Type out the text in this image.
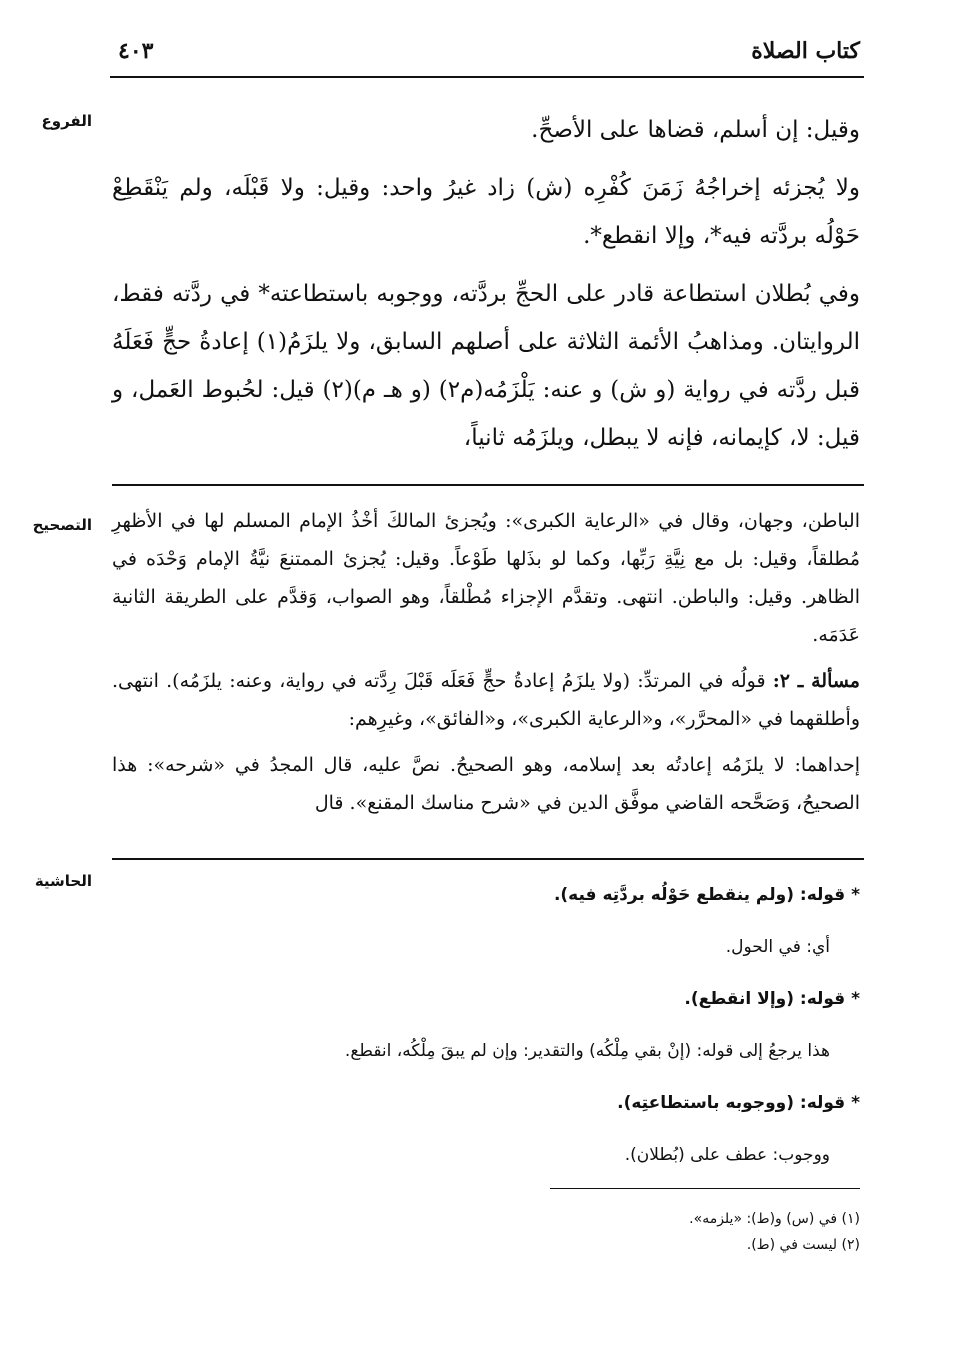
كتاب الصلاة
٤٠٣
الفروع
التصحيح
الحاشية

وقيل: إن أسلم، قضاها على الأصحِّ.

ولا يُجزئه إخراجُهُ زَمَنَ كُفْرِه (ش) زاد غيرُ واحد: وقيل: ولا قَبْلَه، ولم يَنْقَطِعْ حَوْلُه بردَّته فيه*، وإلا انقطع*.

وفي بُطلان استطاعة قادر على الحجِّ بردَّته، ووجوبه باستطاعته* في ردَّته فقط، الروايتان. ومذاهبُ الأئمة الثلاثة على أصلهم السابق، ولا يلزَمُ(١) إعادةُ حجٍّ فَعَلَهُ قبل ردَّته في رواية (و ش) و عنه: يَلْزَمُه(م٢) (و هـ م)(٢) قيل: لحُبوط العَمل، و قيل: لا، كإيمانه، فإنه لا يبطل، ويلزَمُه ثانياً،

الباطن، وجهان، وقال في «الرعاية الكبرى»: ويُجزئ المالكَ أخْذُ الإمام المسلم لها في الأظهرِ مُطلقاً، وقيل: بل مع نِيَّةِ رَبِّها، وكما لو بذَلها طَوْعاً. وقيل: يُجزئ الممتنعَ نيَّةُ الإمام وَحْدَه في الظاهر. وقيل: والباطن. انتهى. وتقدَّم الإجزاء مُطْلقاً، وهو الصواب، وَقدَّم على الطريقة الثانية عَدَمَه.

مسألة ـ ٢: قولُه في المرتدِّ: (ولا يلزَمُ إعادةُ حجٍّ فَعَلَه قَبْلَ رِدَّته في رواية، وعنه: يلزَمُه). انتهى. وأطلقهما في «المحرَّر»، و«الرعاية الكبرى»، و«الفائق»، وغيرِهم:

إحداهما: لا يلزَمُه إعادتُه بعد إسلامه، وهو الصحيحُ. نصَّ عليه، قال المجدُ في «شرحه»: هذا الصحيحُ، وَصَحَّحه القاضي موفَّق الدين في «شرح مناسك المقنع». قال

* قوله: (ولم ينقطع حَوْلُه بردَّتِه فيه).
أي: في الحول.
* قوله: (وإلا انقطع).
هذا يرجعُ إلى قوله: (إنْ بقي مِلْكُه) والتقدير: وإن لم يبقَ مِلْكُه، انقطع.
* قوله: (ووجوبه باستطاعتِه).
ووجوب: عطف على (بُطلان).
(١) في (س) و(ط): «يلزمه».
(٢) ليست في (ط).
